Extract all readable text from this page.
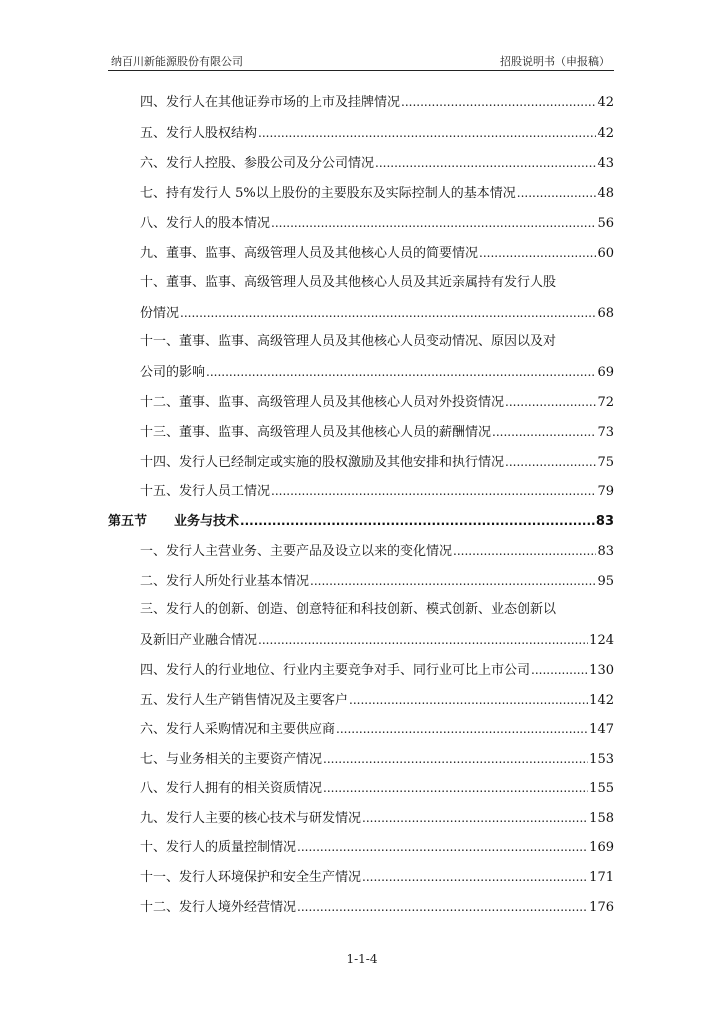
纳百川新能源股份有限公司	招股说明书（申报稿）
四、发行人在其他证券市场的上市及挂牌情况 .....	42
五、发行人股权结构 .....	42
六、发行人控股、参股公司及分公司情况 .....	43
七、持有发行人 5%以上股份的主要股东及实际控制人的基本情况 .....	48
八、发行人的股本情况 .....	56
九、董事、监事、高级管理人员及其他核心人员的简要情况 .....	60
十、董事、监事、高级管理人员及其他核心人员及其近亲属持有发行人股
份情况 .....	68
十一、董事、监事、高级管理人员及其他核心人员变动情况、原因以及对
公司的影响 .....	69
十二、董事、监事、高级管理人员及其他核心人员对外投资情况 .....	72
十三、董事、监事、高级管理人员及其他核心人员的薪酬情况 .....	73
十四、发行人已经制定或实施的股权激励及其他安排和执行情况 .....	75
十五、发行人员工情况 .....	79
第五节 业务与技术 .....	83
一、发行人主营业务、主要产品及设立以来的变化情况 .....	83
二、发行人所处行业基本情况 .....	95
三、发行人的创新、创造、创意特征和科技创新、模式创新、业态创新以
及新旧产业融合情况 .....	124
四、发行人的行业地位、行业内主要竞争对手、同行业可比上市公司 .....	130
五、发行人生产销售情况及主要客户 .....	142
六、发行人采购情况和主要供应商 .....	147
七、与业务相关的主要资产情况 .....	153
八、发行人拥有的相关资质情况 .....	155
九、发行人主要的核心技术与研发情况 .....	158
十、发行人的质量控制情况 .....	169
十一、发行人环境保护和安全生产情况 .....	171
十二、发行人境外经营情况 .....	176
1-1-4
